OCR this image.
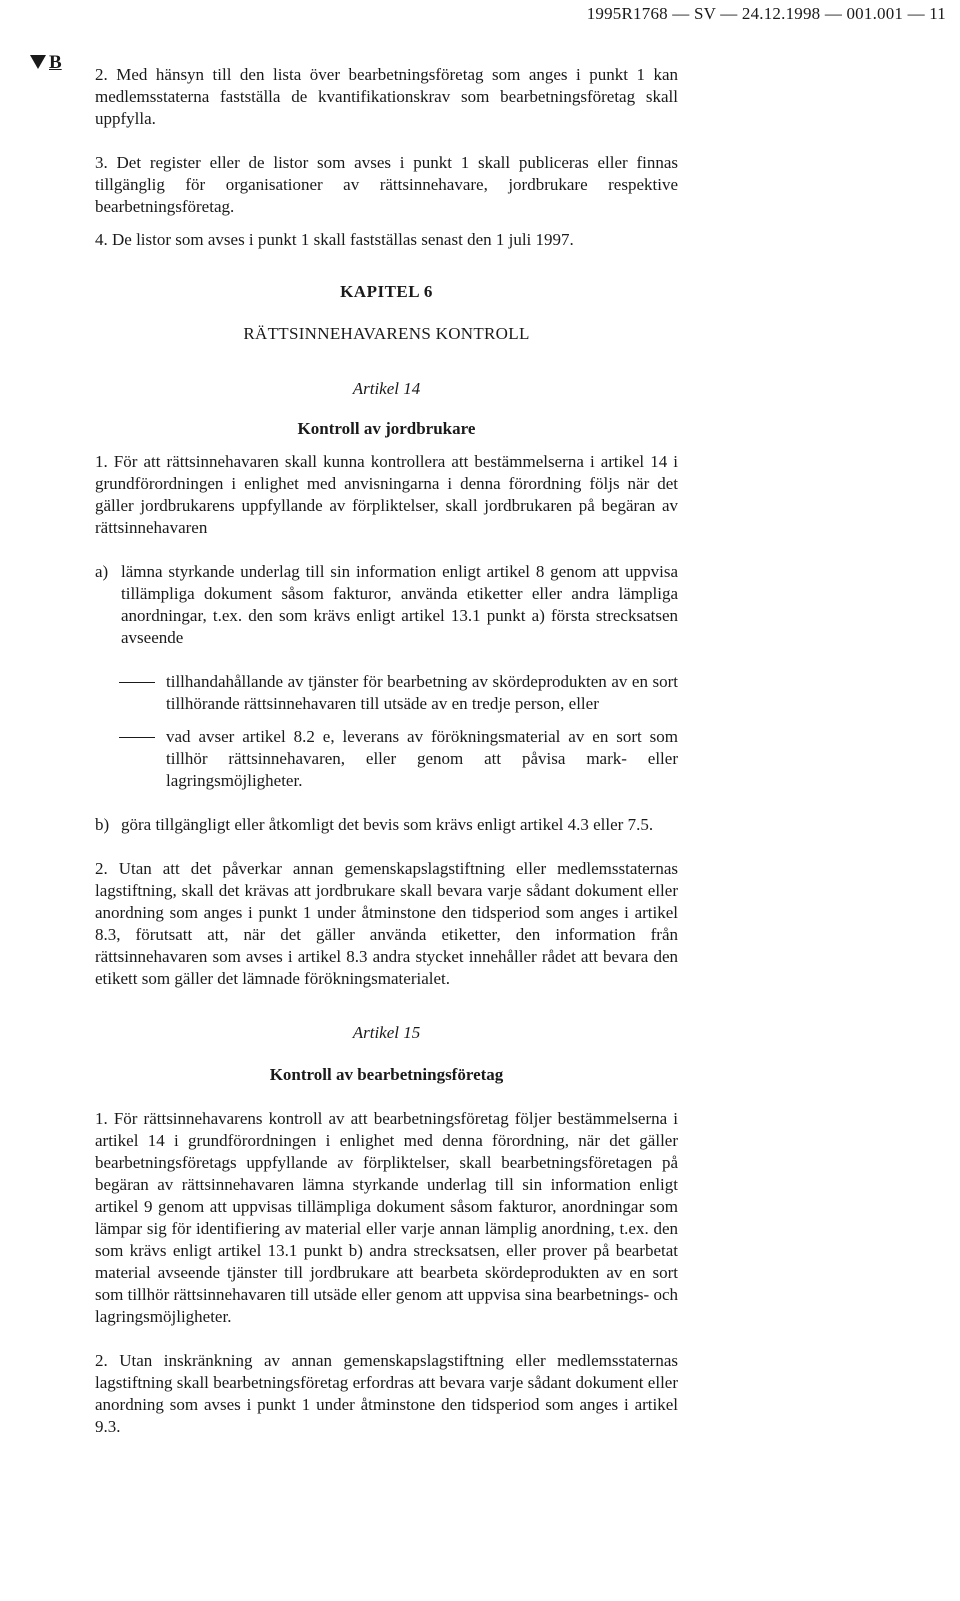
1995R1768 — SV — 24.12.1998 — 001.001 — 11
B

2. Med hänsyn till den lista över bearbetningsföretag som anges i punkt 1 kan medlemsstaterna fastställa de kvantifikationskrav som bearbetningsföretag skall uppfylla.

3. Det register eller de listor som avses i punkt 1 skall publiceras eller finnas tillgänglig för organisationer av rättsinnehavare, jordbrukare respektive bearbetningsföretag.

4. De listor som avses i punkt 1 skall fastställas senast den 1 juli 1997.

KAPITEL 6

RÄTTSINNEHAVARENS KONTROLL

Artikel 14

Kontroll av jordbrukare

1. För att rättsinnehavaren skall kunna kontrollera att bestämmelserna i artikel 14 i grundförordningen i enlighet med anvisningarna i denna förordning följs när det gäller jordbrukarens uppfyllande av förpliktelser, skall jordbrukaren på begäran av rättsinnehavaren

a) lämna styrkande underlag till sin information enligt artikel 8 genom att uppvisa tillämpliga dokument såsom fakturor, använda etiketter eller andra lämpliga anordningar, t.ex. den som krävs enligt artikel 13.1 punkt a) första strecksatsen avseende
tillhandahållande av tjänster för bearbetning av skördeprodukten av en sort tillhörande rättsinnehavaren till utsäde av en tredje person, eller
vad avser artikel 8.2 e, leverans av förökningsmaterial av en sort som tillhör rättsinnehavaren, eller genom att påvisa mark- eller lagringsmöjligheter.
b) göra tillgängligt eller åtkomligt det bevis som krävs enligt artikel 4.3 eller 7.5.

2. Utan att det påverkar annan gemenskapslagstiftning eller medlemsstaternas lagstiftning, skall det krävas att jordbrukare skall bevara varje sådant dokument eller anordning som anges i punkt 1 under åtminstone den tidsperiod som anges i artikel 8.3, förutsatt att, när det gäller använda etiketter, den information från rättsinnehavaren som avses i artikel 8.3 andra stycket innehåller rådet att bevara den etikett som gäller det lämnade förökningsmaterialet.

Artikel 15

Kontroll av bearbetningsföretag

1. För rättsinnehavarens kontroll av att bearbetningsföretag följer bestämmelserna i artikel 14 i grundförordningen i enlighet med denna förordning, när det gäller bearbetningsföretags uppfyllande av förpliktelser, skall bearbetningsföretagen på begäran av rättsinnehavaren lämna styrkande underlag till sin information enligt artikel 9 genom att uppvisas tillämpliga dokument såsom fakturor, anordningar som lämpar sig för identifiering av material eller varje annan lämplig anordning, t.ex. den som krävs enligt artikel 13.1 punkt b) andra strecksatsen, eller prover på bearbetat material avseende tjänster till jordbrukare att bearbeta skördeprodukten av en sort som tillhör rättsinnehavaren till utsäde eller genom att uppvisa sina bearbetnings- och lagringsmöjligheter.

2. Utan inskränkning av annan gemenskapslagstiftning eller medlemsstaternas lagstiftning skall bearbetningsföretag erfordras att bevara varje sådant dokument eller anordning som avses i punkt 1 under åtminstone den tidsperiod som anges i artikel 9.3.
